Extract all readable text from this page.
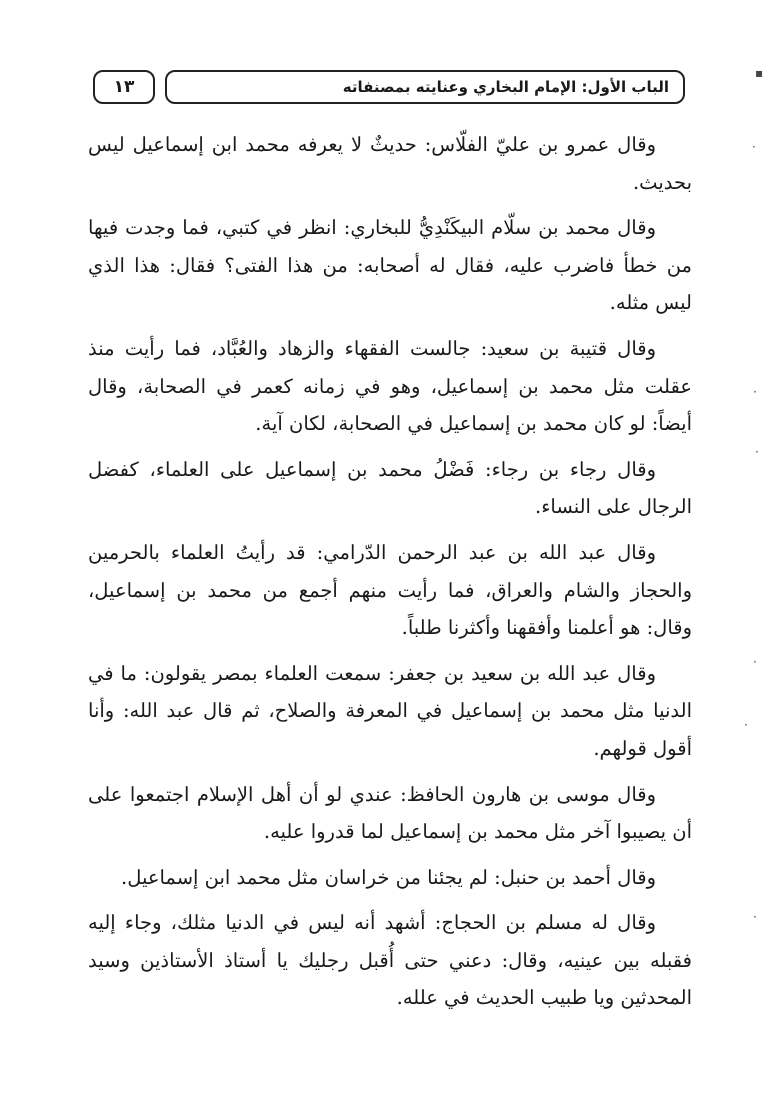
١٣	الباب الأول: الإمام البخاري وعنايته بمصنفاته

وقال عمرو بن عليّ الفلّاس: حديثٌ لا يعرفه محمد ابن إسماعيل ليس بحديث.

وقال محمد بن سلّام البيكَنْدِيُّ للبخاري: انظر في كتبي، فما وجدت فيها من خطأ فاضرب عليه، فقال له أصحابه: من هذا الفتى؟ فقال: هذا الذي ليس مثله.

وقال قتيبة بن سعيد: جالست الفقهاء والزهاد والعُبَّاد، فما رأيت منذ عقلت مثل محمد بن إسماعيل، وهو في زمانه كعمر في الصحابة، وقال أيضاً: لو كان محمد بن إسماعيل في الصحابة، لكان آية.

وقال رجاء بن رجاء: فَضْلُ محمد بن إسماعيل على العلماء، كفضل الرجال على النساء.

وقال عبد الله بن عبد الرحمن الدّرامي: قد رأيتُ العلماء بالحرمين والحجاز والشام والعراق، فما رأيت منهم أجمع من محمد بن إسماعيل، وقال: هو أعلمنا وأفقهنا وأكثرنا طلباً.

وقال عبد الله بن سعيد بن جعفر: سمعت العلماء بمصر يقولون: ما في الدنيا مثل محمد بن إسماعيل في المعرفة والصلاح، ثم قال عبد الله: وأنا أقول قولهم.

وقال موسى بن هارون الحافظ: عندي لو أن أهل الإسلام اجتمعوا على أن يصيبوا آخر مثل محمد بن إسماعيل لما قدروا عليه.

وقال أحمد بن حنبل: لم يجئنا من خراسان مثل محمد ابن إسماعيل.

وقال له مسلم بن الحجاج: أشهد أنه ليس في الدنيا مثلك، وجاء إليه فقبله بين عينيه، وقال: دعني حتى أُقبل رجليك يا أستاذ الأستاذين وسيد المحدثين ويا طبيب الحديث في علله.

▪
·
·
·
·
·
·
